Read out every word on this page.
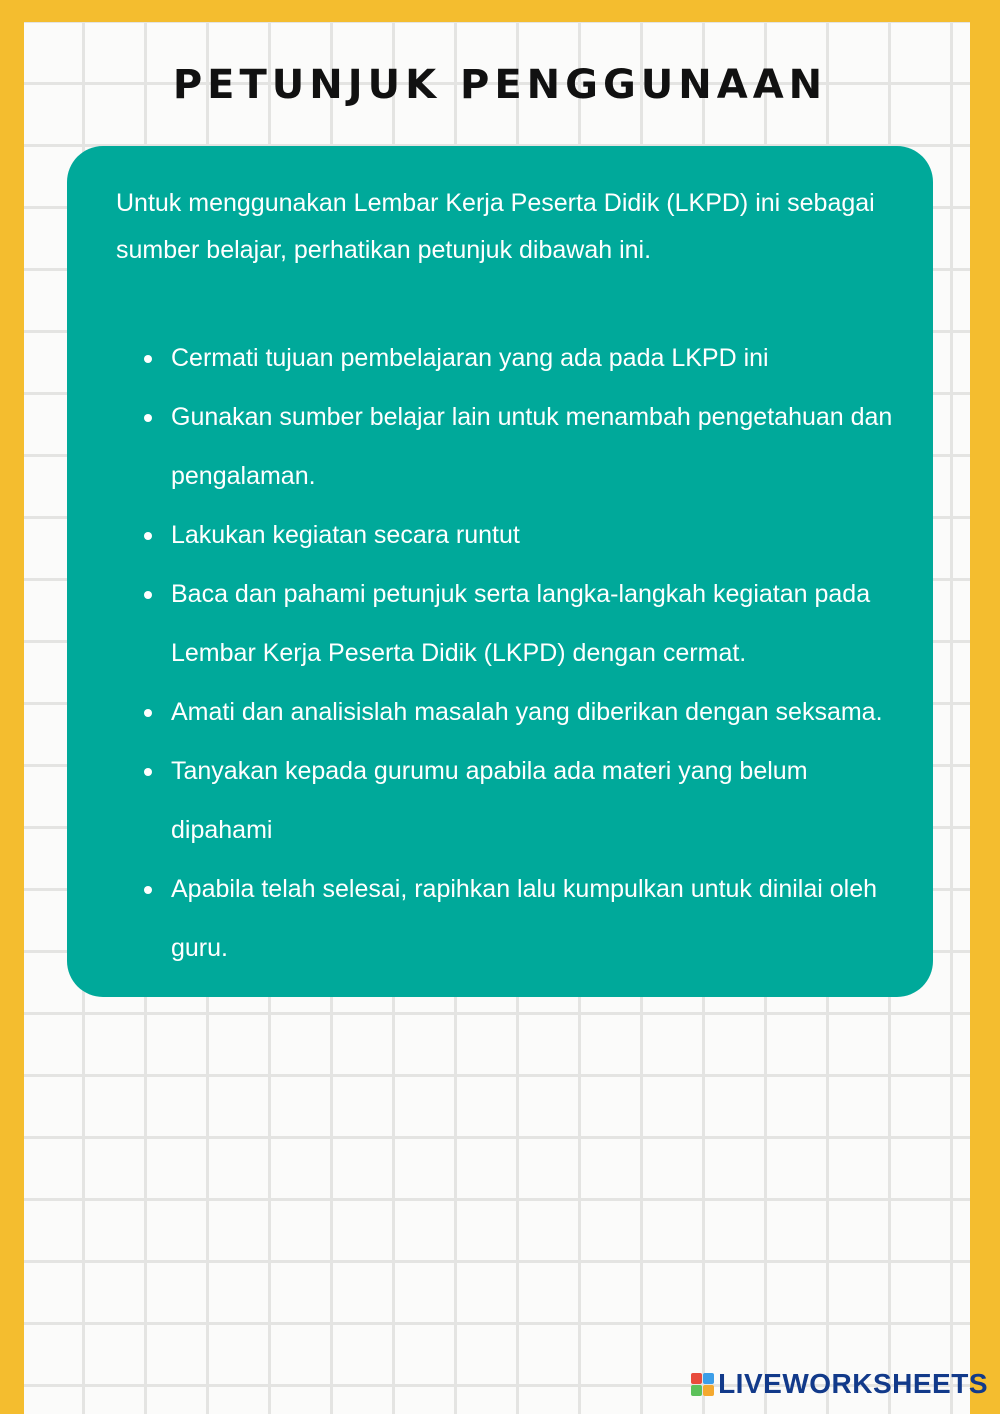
PETUNJUK PENGGUNAAN

Untuk menggunakan Lembar Kerja Peserta Didik (LKPD) ini sebagai sumber belajar, perhatikan petunjuk dibawah ini.

Cermati tujuan pembelajaran yang ada pada LKPD ini
Gunakan sumber belajar lain untuk menambah pengetahuan dan pengalaman.
Lakukan kegiatan secara runtut
Baca dan pahami petunjuk serta langka-langkah kegiatan pada Lembar Kerja Peserta Didik (LKPD) dengan cermat.
Amati dan analisislah masalah yang diberikan dengan seksama.
Tanyakan kepada gurumu apabila ada materi yang belum dipahami
Apabila telah selesai, rapihkan lalu kumpulkan untuk dinilai oleh guru.
LIVEWORKSHEETS
